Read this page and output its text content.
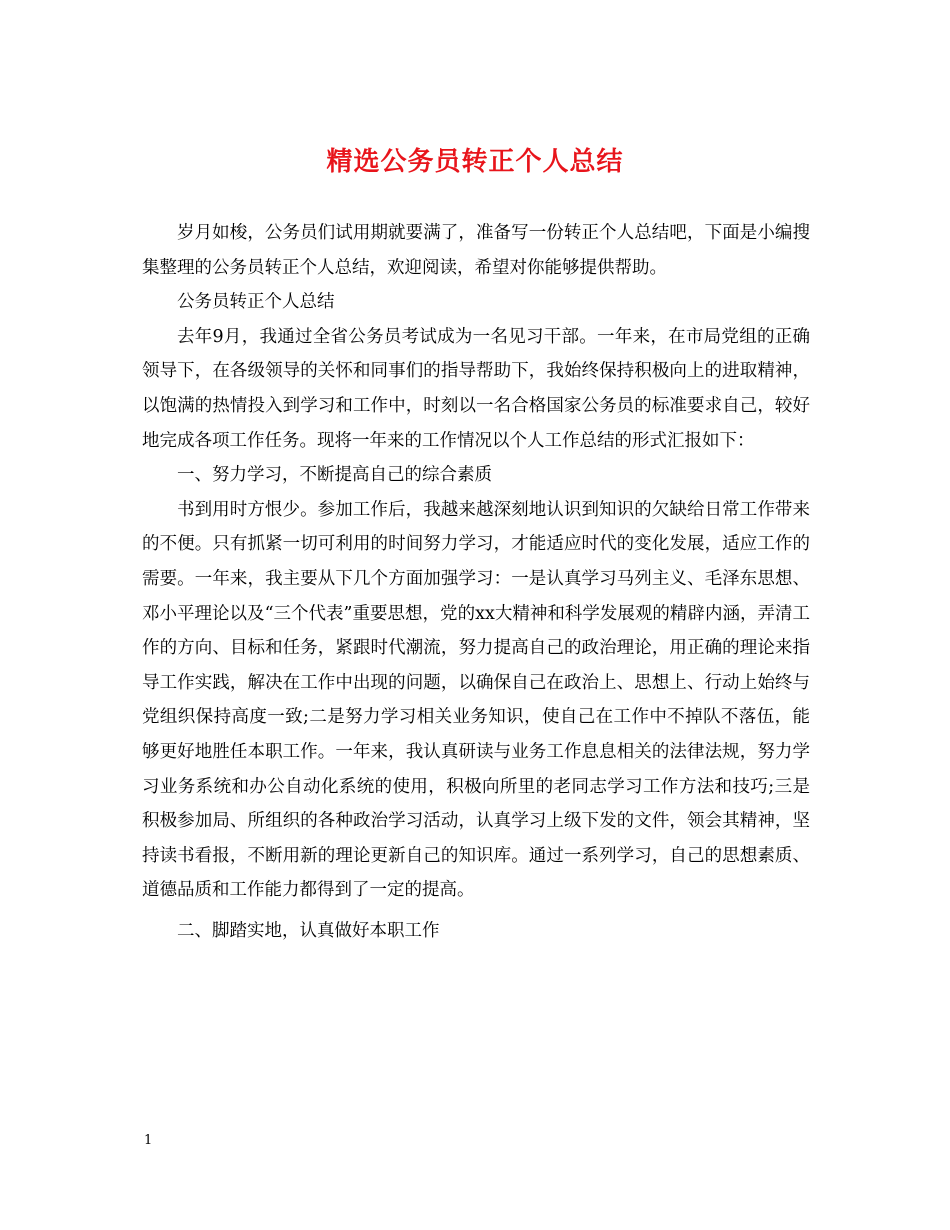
精选公务员转正个人总结

岁月如梭，公务员们试用期就要满了，准备写一份转正个人总结吧，下面是小编搜集整理的公务员转正个人总结，欢迎阅读，希望对你能够提供帮助。

公务员转正个人总结

去年9月，我通过全省公务员考试成为一名见习干部。一年来，在市局党组的正确领导下，在各级领导的关怀和同事们的指导帮助下，我始终保持积极向上的进取精神，以饱满的热情投入到学习和工作中，时刻以一名合格国家公务员的标准要求自己，较好地完成各项工作任务。现将一年来的工作情况以个人工作总结的形式汇报如下：

一、努力学习，不断提高自己的综合素质

书到用时方恨少。参加工作后，我越来越深刻地认识到知识的欠缺给日常工作带来的不便。只有抓紧一切可利用的时间努力学习，才能适应时代的变化发展，适应工作的需要。一年来，我主要从下几个方面加强学习：一是认真学习马列主义、毛泽东思想、邓小平理论以及“三个代表”重要思想，党的xx大精神和科学发展观的精辟内涵，弄清工作的方向、目标和任务，紧跟时代潮流，努力提高自己的政治理论，用正确的理论来指导工作实践，解决在工作中出现的问题，以确保自己在政治上、思想上、行动上始终与党组织保持高度一致;二是努力学习相关业务知识，使自己在工作中不掉队不落伍，能够更好地胜任本职工作。一年来，我认真研读与业务工作息息相关的法律法规，努力学习业务系统和办公自动化系统的使用，积极向所里的老同志学习工作方法和技巧;三是积极参加局、所组织的各种政治学习活动，认真学习上级下发的文件，领会其精神，坚持读书看报，不断用新的理论更新自己的知识库。通过一系列学习，自己的思想素质、道德品质和工作能力都得到了一定的提高。

二、脚踏实地，认真做好本职工作

1
